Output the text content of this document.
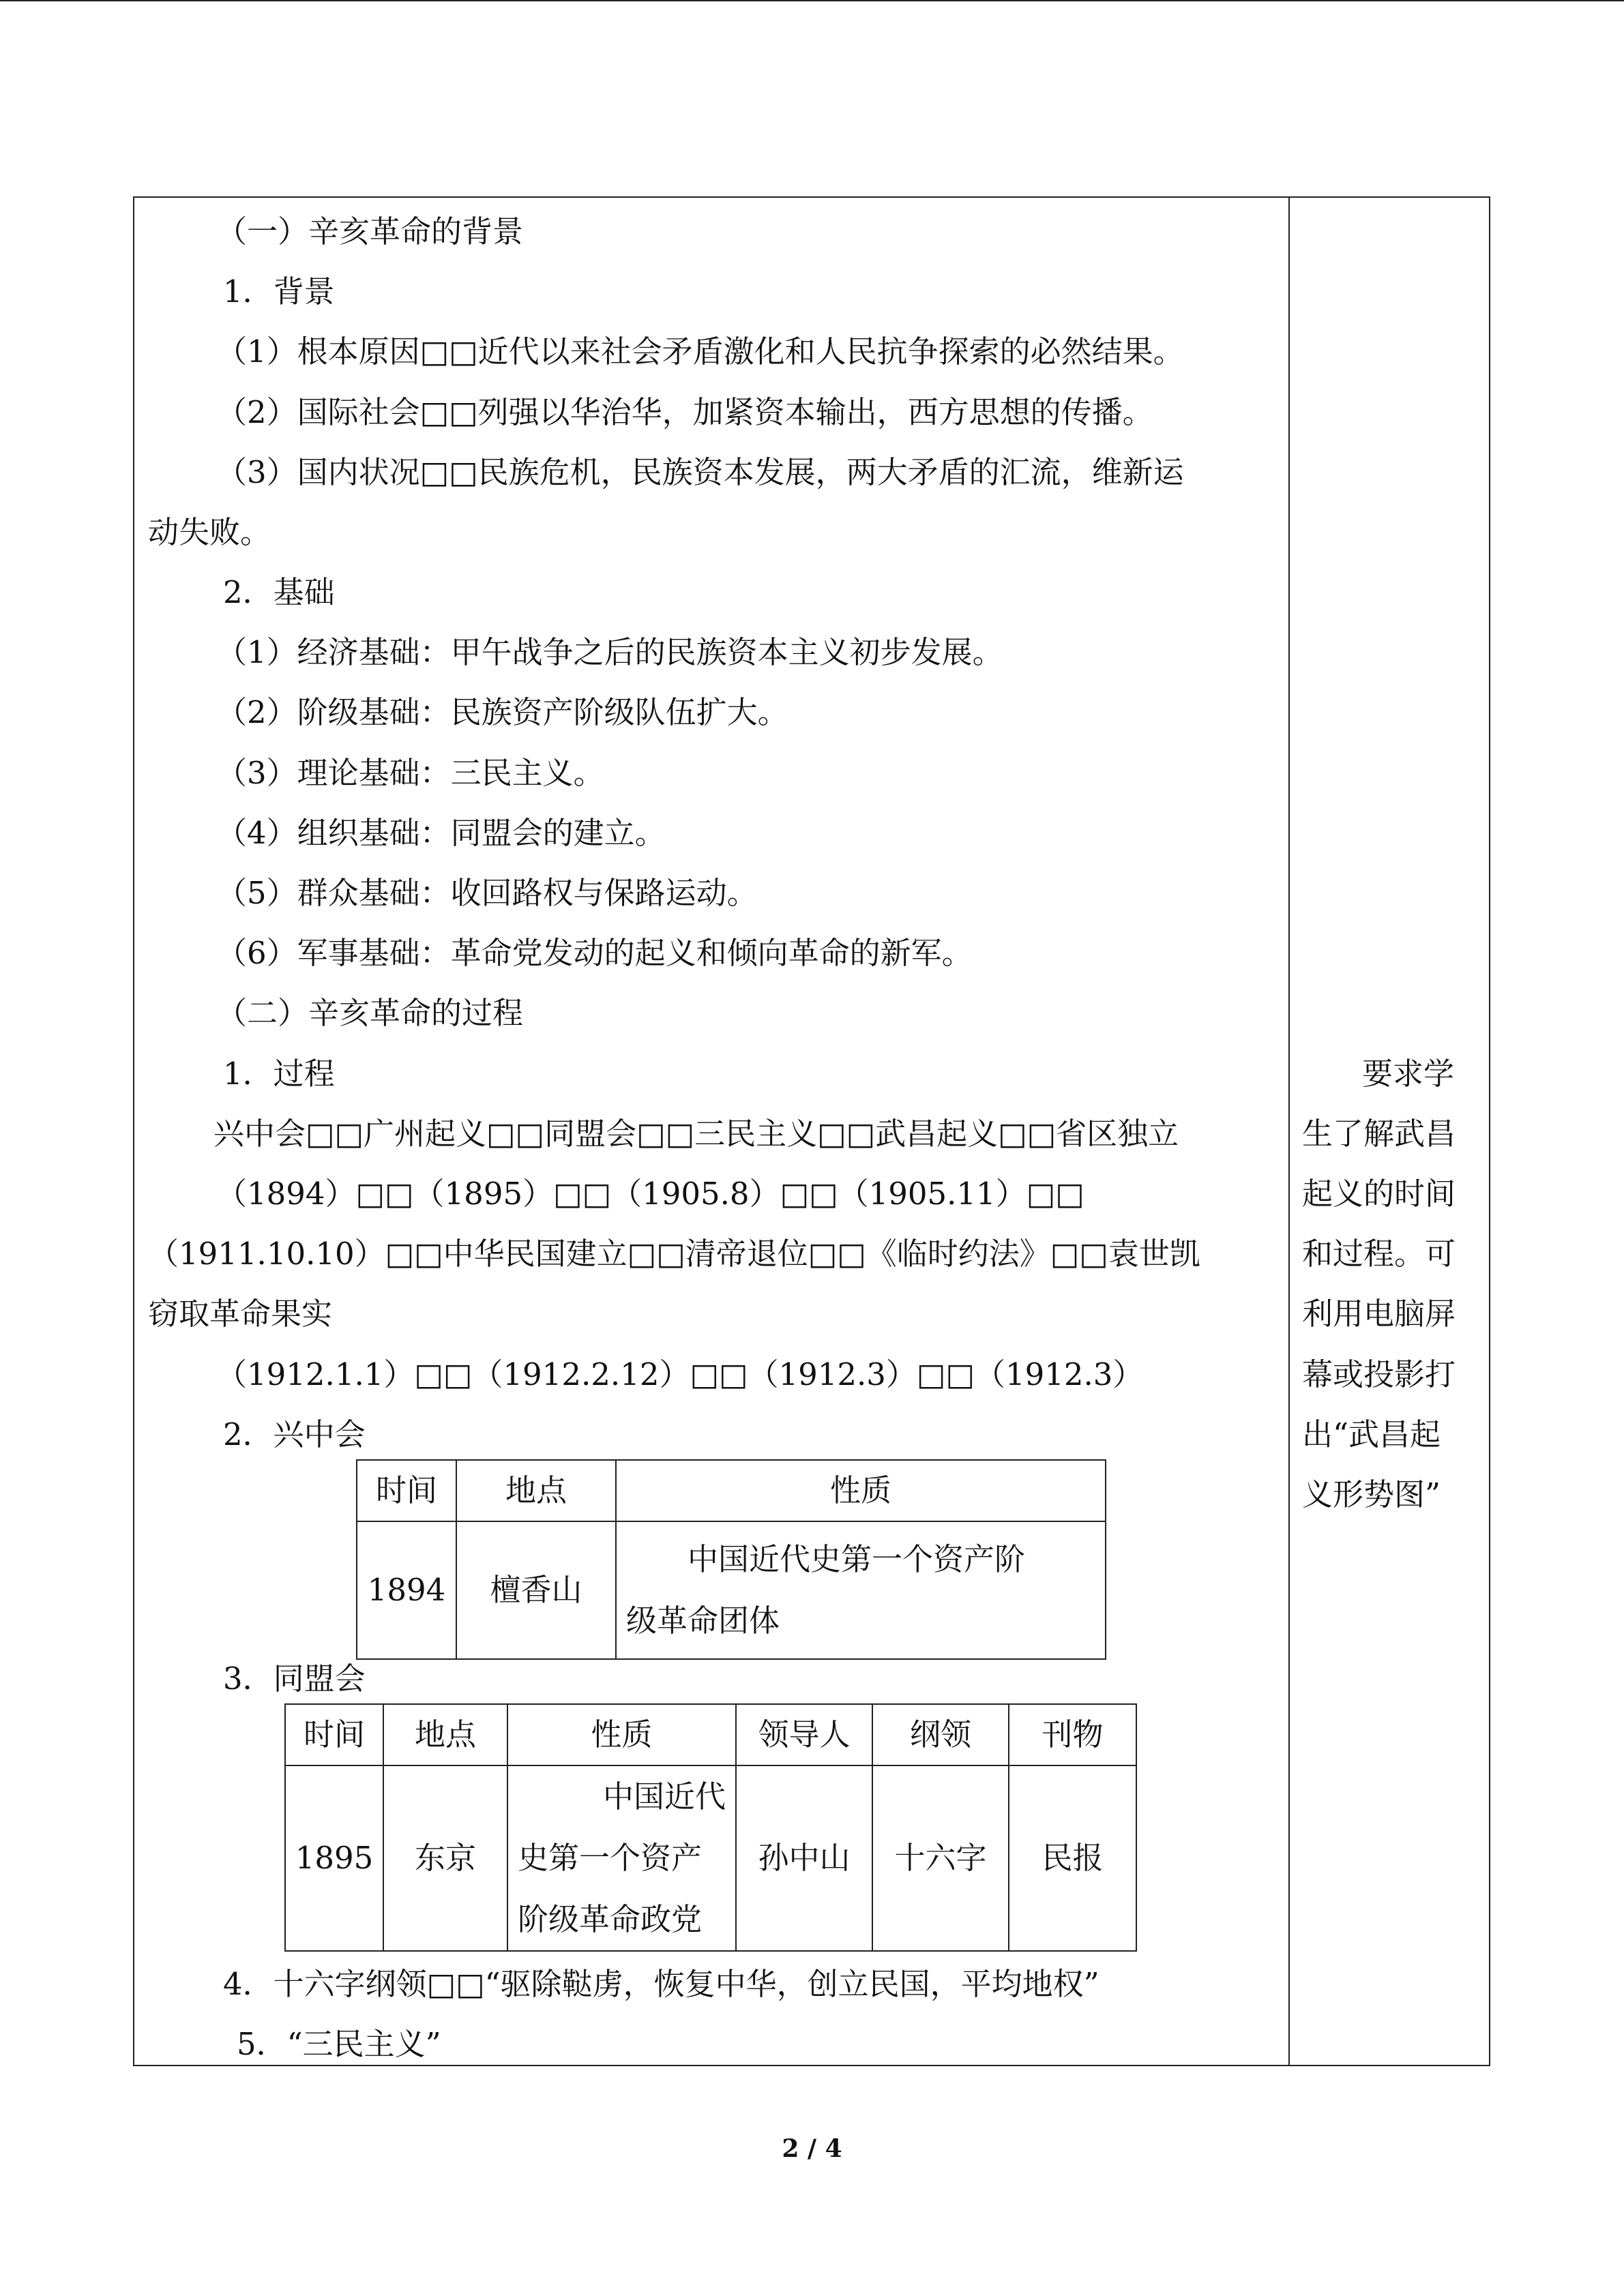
（一）辛亥革命的背景
1．背景
（1）根本原因□□近代以来社会矛盾激化和人民抗争探索的必然结果。
（2）国际社会□□列强以华治华，加紧资本输出，西方思想的传播。
（3）国内状况□□民族危机，民族资本发展，两大矛盾的汇流，维新运
动失败。
2．基础
（1）经济基础：甲午战争之后的民族资本主义初步发展。
（2）阶级基础：民族资产阶级队伍扩大。
（3）理论基础：三民主义。
（4）组织基础：同盟会的建立。
（5）群众基础：收回路权与保路运动。
（6）军事基础：革命党发动的起义和倾向革命的新军。
（二）辛亥革命的过程
1．过程
兴中会□□广州起义□□同盟会□□三民主义□□武昌起义□□省区独立
（1894）□□（1895）□□（1905.8）□□（1905.11）□□
（1911.10.10）□□中华民国建立□□清帝退位□□《临时约法》□□袁世凯
窃取革命果实
（1912.1.1）□□（1912.2.12）□□（1912.3）□□（1912.3）
2．兴中会
时间	地点	性质
1894	檀香山	中国近代史第一个资产阶
级革命团体
3．同盟会
时间	地点	性质	领导人	纲领	刊物
1895	东京	中国近代
史第一个资产
阶级革命政党	孙中山	十六字	民报
4．十六字纲领□□“驱除鞑虏，恢复中华，创立民国，平均地权”
5．“三民主义”
要求学
生了解武昌
起义的时间
和过程。可
利用电脑屏
幕或投影打
出“武昌起
义形势图”
2 / 4
